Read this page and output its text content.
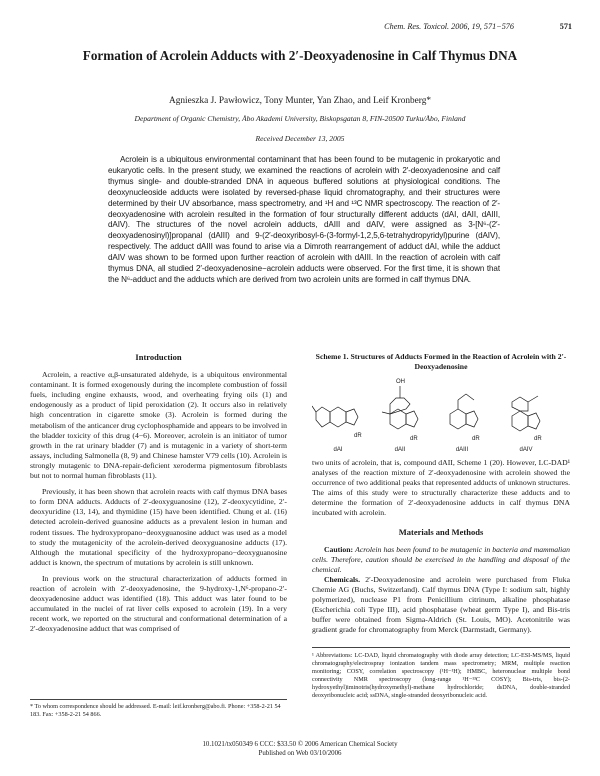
Chem. Res. Toxicol. 2006, 19, 571−576	571
Formation of Acrolein Adducts with 2′-Deoxyadenosine in Calf Thymus DNA
Agnieszka J. Pawłowicz, Tony Munter, Yan Zhao, and Leif Kronberg*
Department of Organic Chemistry, Åbo Akademi University, Biskopsgatan 8, FIN-20500 Turku/Åbo, Finland
Received December 13, 2005
Acrolein is a ubiquitous environmental contaminant that has been found to be mutagenic in prokaryotic and eukaryotic cells. In the present study, we examined the reactions of acrolein with 2′-deoxyadenosine and calf thymus single- and double-stranded DNA in aqueous buffered solutions at physiological conditions. The deoxynucleoside adducts were isolated by reversed-phase liquid chromatography, and their structures were determined by their UV absorbance, mass spectrometry, and ¹H and ¹³C NMR spectroscopy. The reaction of 2′-deoxyadenosine with acrolein resulted in the formation of four structurally different adducts (dAI, dAII, dAIII, dAIV). The structures of the novel acrolein adducts, dAIII and dAIV, were assigned as 3-[N⁶-(2′-deoxyadenosinyl)]propanal (dAIII) and 9-(2′-deoxyribosyl-6-(3-formyl-1,2,5,6-tetrahydropyridyl)purine (dAIV), respectively. The adduct dAIII was found to arise via a Dimroth rearrangement of adduct dAI, while the adduct dAIV was shown to be formed upon further reaction of acrolein with dAIII. In the reaction of acrolein with calf thymus DNA, all studied 2′-deoxyadenosine−acrolein adducts were observed. For the first time, it is shown that the N⁶-adduct and the adducts which are derived from two acrolein units are formed in calf thymus DNA.
Introduction

Acrolein, a reactive α,β-unsaturated aldehyde, is a ubiquitous environmental contaminant. It is formed exogenously during the incomplete combustion of fossil fuels, including engine exhausts, wood, and overheating frying oils (1) and endogenously as a product of lipid peroxidation (2). It occurs also in relatively high concentration in cigarette smoke (3). Acrolein is formed during the metabolism of the anticancer drug cyclophosphamide and appears to be involved in the bladder toxicity of this drug (4−6). Moreover, acrolein is an initiator of tumor growth in the rat urinary bladder (7) and is mutagenic in a variety of short-term assays, including Salmonella (8, 9) and Chinese hamster V79 cells (10). Acrolein is strongly mutagenic to DNA-repair-deficient xeroderma pigmentosum fibroblasts but not to normal human fibroblasts (11).

Previously, it has been shown that acrolein reacts with calf thymus DNA bases to form DNA adducts. Adducts of 2′-deoxyguanosine (12), 2′-deoxycytidine, 2′-deoxyuridine (13, 14), and thymidine (15) have been identified. Chung et al. (16) detected acrolein-derived guanosine adducts as a prevalent lesion in human and rodent tissues. The hydroxypropano−deoxyguanosine adduct was used as a model to study the mutagenicity of the acrolein-derived deoxyguanosine adducts (17). Although the mutational specificity of the hydroxypropano−deoxyguanosine adduct is known, the spectrum of mutations by acrolein is still unknown.

In previous work on the structural characterization of adducts formed in reaction of acrolein with 2′-deoxyadenosine, the 9-hydroxy-1,N⁶-propano-2′-deoxyadenosine adduct was identified (18). This adduct was later found to be accumulated in the nuclei of rat liver cells exposed to acrolein (19). In a very recent work, we reported on the structural and conformational determination of a 2′-deoxyadenosine adduct that was comprised of

Scheme 1. Structures of Adducts Formed in the Reaction of Acrolein with 2′-Deoxyadenosine
dAI	dAII	dAIII	dAIV
dR	dR	dR	dR
OH

two units of acrolein, that is, compound dAII, Scheme 1 (20). However, LC-DAD¹ analyses of the reaction mixture of 2′-deoxyadenosine with acrolein showed the occurrence of two additional peaks that represented adducts of unknown structures. The aims of this study were to structurally characterize these adducts and to determine the formation of 2′-deoxyadenosine adducts in calf thymus DNA incubated with acrolein.

Materials and Methods

Caution: Acrolein has been found to be mutagenic in bacteria and mammalian cells. Therefore, caution should be exercised in the handling and disposal of the chemical.

Chemicals. 2′-Deoxyadenosine and acrolein were purchased from Fluka Chemie AG (Buchs, Switzerland). Calf thymus DNA (Type I: sodium salt, highly polymerized), nuclease P1 from Penicillium citrinum, alkaline phosphatase (Escherichia coli Type III), acid phosphatase (wheat germ Type I), and Bis-tris buffer were obtained from Sigma-Aldrich (St. Louis, MO). Acetonitrile was gradient grade for chromatography from Merck (Darmstadt, Germany).

¹ Abbreviations: LC-DAD, liquid chromatography with diode array detection; LC-ESI-MS/MS, liquid chromatography/electrospray ionization tandem mass spectrometry; MRM, multiple reaction monitoring; COSY, correlation spectroscopy (¹H−¹H); HMBC, heteronuclear multiple bond connectivity NMR spectroscopy (long-range ¹H−¹³C COSY); Bis-tris, bis-(2-hydroxyethyl)iminotris(hydroxymethyl)-methane hydrochloride; dsDNA, double-stranded deoxyribonucleic acid; ssDNA, single-stranded deoxyribonucleic acid.
* To whom correspondence should be addressed. E-mail: leif.kronberg@abo.fi. Phone: +358-2-21 54 183. Fax: +358-2-21 54 866.
10.1021/tx050349 6 CCC: $33.50 © 2006 American Chemical Society
Published on Web 03/10/2006
